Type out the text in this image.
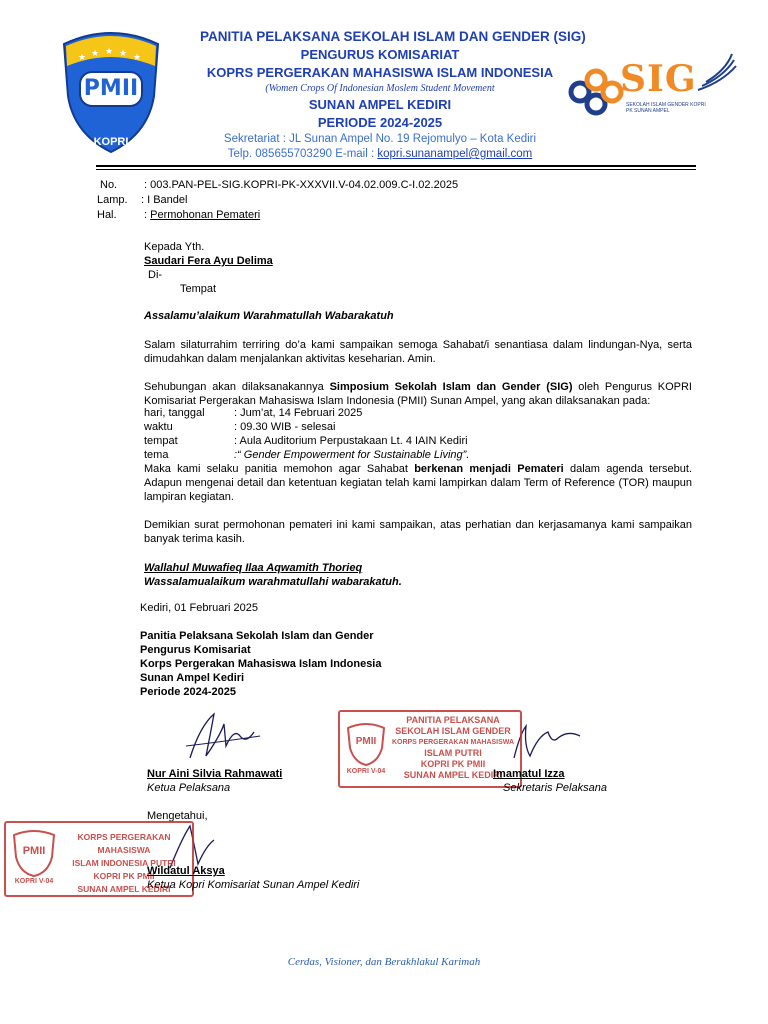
★ ★ ★ ★ ★
PMII
KOPRI
PANITIA PELAKSANA SEKOLAH ISLAM DAN GENDER (SIG)
PENGURUS KOMISARIAT
KOPRS PERGERAKAN MAHASISWA ISLAM INDONESIA
(Women Crops Of Indonesian Moslem Student Movement
SUNAN AMPEL KEDIRI
PERIODE 2024-2025
Sekretariat : JL Sunan Ampel No. 19 Rejomulyo – Kota Kediri
Telp. 085655703290 E-mail : kopri.sunanampel@gmail.com
SIG
SEKOLAH ISLAM GENDER KOPRI PK SUNAN AMPEL
No. : 003.PAN-PEL-SIG.KOPRI-PK-XXXVII.V-04.02.009.C-I.02.2025
Lamp. : I Bandel
Hal. : Permohonan Pemateri
Kepada Yth.
Saudari Fera Ayu Delima
Di-
Tempat
Assalamu’alaikum Warahmatullah Wabarakatuh
Salam silaturrahim terriring do’a kami sampaikan semoga Sahabat/i senantiasa dalam lindungan-Nya, serta dimudahkan dalam menjalankan aktivitas keseharian. Amin.
Sehubungan akan dilaksanakannya Simposium Sekolah Islam dan Gender (SIG) oleh Pengurus KOPRI Komisariat Pergerakan Mahasiswa Islam Indonesia (PMII) Sunan Ampel, yang akan dilaksanakan pada:
hari, tanggal	: Jum’at, 14 Februari 2025
waktu	: 09.30 WIB - selesai
tempat	: Aula Auditorium Perpustakaan Lt. 4 IAIN Kediri
tema	:“ Gender Empowerment for Sustainable Living”.
Maka kami selaku panitia memohon agar Sahabat berkenan menjadi Pemateri dalam agenda tersebut. Adapun mengenai detail dan ketentuan kegiatan telah kami lampirkan dalam Term of Reference (TOR) maupun lampiran kegiatan.
Demikian surat permohonan pemateri ini kami sampaikan, atas perhatian dan kerjasamanya kami sampaikan banyak terima kasih.
Wallahul Muwafieq Ilaa Aqwamith Thorieq
Wassalamualaikum warahmatullahi wabarakatuh.
Kediri, 01 Februari 2025
Panitia Pelaksana Sekolah Islam dan Gender
Pengurus Komisariat
Korps Pergerakan Mahasiswa Islam Indonesia
Sunan Ampel Kediri
Periode 2024-2025
PMII
KOPRI V-04
PANITIA PELAKSANA
SEKOLAH ISLAM GENDER
KORPS PERGERAKAN MAHASISWA
ISLAM PUTRI
KOPRI PK PMII
SUNAN AMPEL KEDIRI
Nur Aini Silvia Rahmawati
Ketua Pelaksana
Imamatul Izza
Sekretaris Pelaksana
Mengetahui,
PMII
KOPRI V-04
KORPS PERGERAKAN MAHASISWA
ISLAM INDONESIA PUTRI
KOPRI PK PMII
SUNAN AMPEL KEDIRI
Wildatul Aksya
Ketua Kopri Komisariat Sunan Ampel Kediri
Cerdas, Visioner, dan Berakhlakul Karimah
